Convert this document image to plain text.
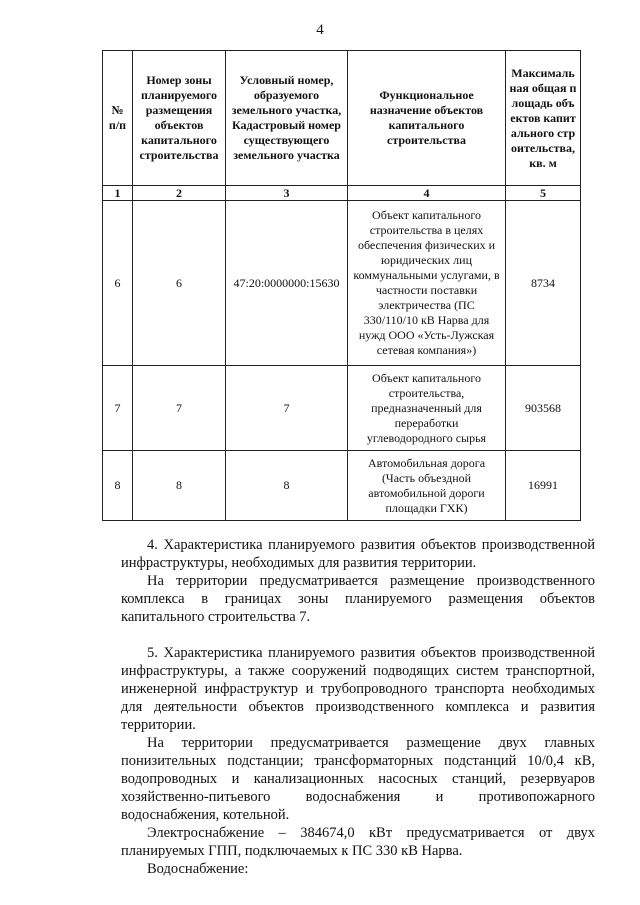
4
№ п/п	Номер зоны планируемого размещения объектов капитального строительства	Условный номер, образуемого земельного участка, Кадастровый номер существующего земельного участка	Функциональное назначение объектов капитального строительства	Максимальная общая площадь объектов капитального строительства, кв. м
1	2	3	4	5
6	6	47:20:0000000:15630	Объект капитального строительства в целях обеспечения физических и юридических лиц коммунальными услугами, в частности поставки электричества (ПС 330/110/10 кВ Нарва для нужд ООО «Усть-Лужская сетевая компания»)	8734
7	7	7	Объект капитального строительства, предназначенный для переработки углеводородного сырья	903568
8	8	8	Автомобильная дорога (Часть объездной автомобильной дороги площадки ГХК)	16991

4. Характеристика планируемого развития объектов производственной инфраструктуры, необходимых для развития территории.

На территории предусматривается размещение производственного комплекса в границах зоны планируемого размещения объектов капитального строительства 7.

5. Характеристика планируемого развития объектов производственной инфраструктуры, а также сооружений подводящих систем транспортной, инженерной инфраструктур и трубопроводного транспорта необходимых для деятельности объектов производственного комплекса и развития территории.

На территории предусматривается размещение двух главных понизительных подстанции; трансформаторных подстанций 10/0,4 кВ, водопроводных и канализационных насосных станций, резервуаров хозяйственно-питьевого водоснабжения и противопожарного водоснабжения, котельной.

Электроснабжение – 384674,0 кВт предусматривается от двух планируемых ГПП, подключаемых к ПС 330 кВ Нарва.

Водоснабжение:
